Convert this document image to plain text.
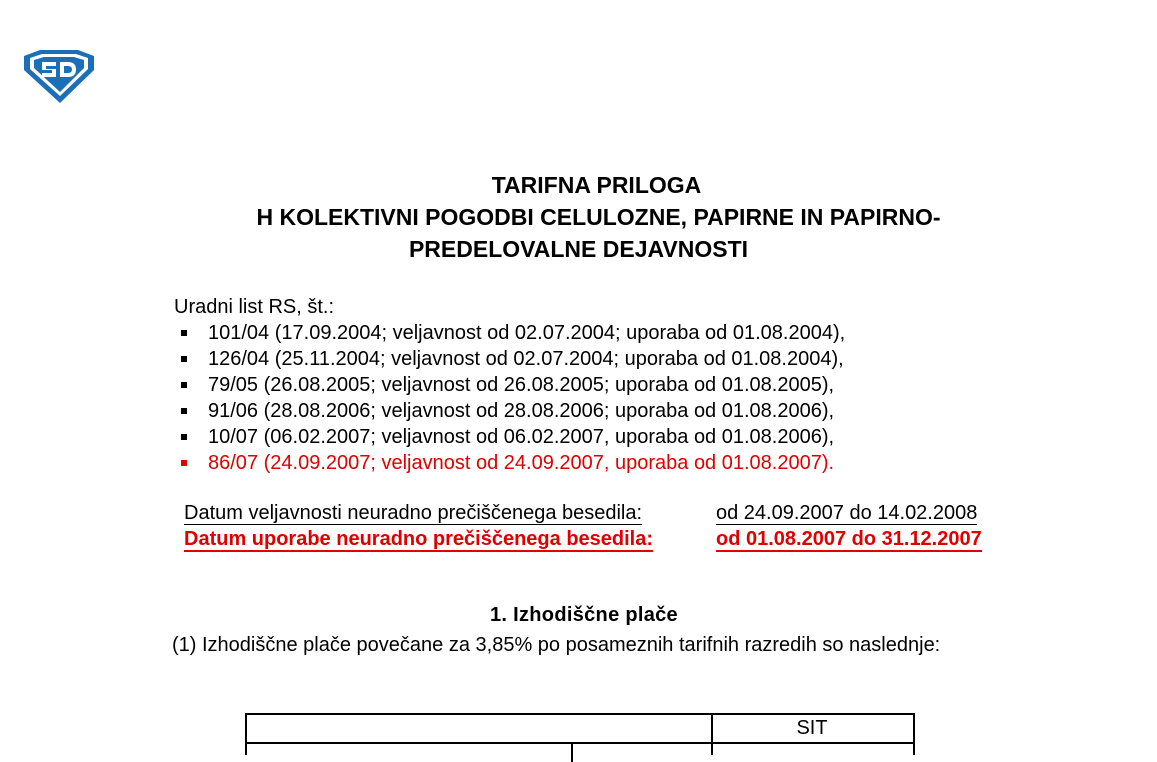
TARIFNA PRILOGA
H KOLEKTIVNI POGODBI CELULOZNE, PAPIRNE IN PAPIRNO-
PREDELOVALNE DEJAVNOSTI

Uradni list RS, št.:

101/04 (17.09.2004; veljavnost od 02.07.2004; uporaba od 01.08.2004),
126/04 (25.11.2004; veljavnost od 02.07.2004; uporaba od 01.08.2004),
79/05 (26.08.2005; veljavnost od 26.08.2005; uporaba od 01.08.2005),
91/06 (28.08.2006; veljavnost od 28.08.2006; uporaba od 01.08.2006),
10/07 (06.02.2007; veljavnost od 06.02.2007, uporaba od 01.08.2006),
86/07 (24.09.2007; veljavnost od 24.09.2007, uporaba od 01.08.2007).
Datum veljavnosti neuradno prečiščenega besedila:
Datum uporabe neuradno prečiščenega besedila:
od 24.09.2007 do 14.02.2008
od 01.08.2007 do 31.12.2007
1. Izhodiščne plače

(1) Izhodiščne plače povečane za 3,85% po posameznih tarifnih razredih so naslednje:

SIT
